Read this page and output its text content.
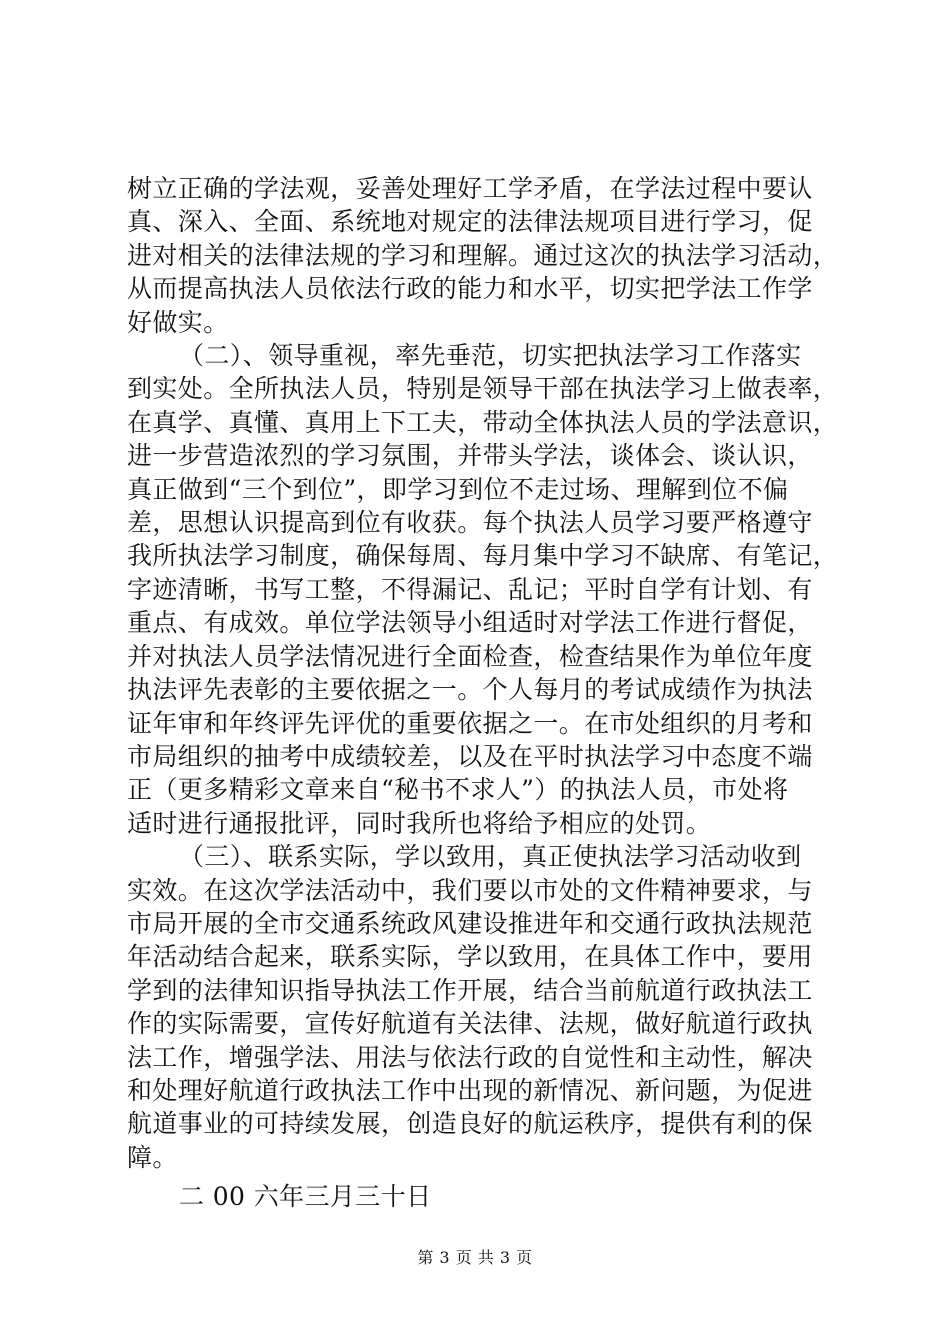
树立正确的学法观，妥善处理好工学矛盾，在学法过程中要认
真、深入、全面、系统地对规定的法律法规项目进行学习，促
进对相关的法律法规的学习和理解。通过这次的执法学习活动，
从而提高执法人员依法行政的能力和水平，切实把学法工作学
好做实。
（二）、领导重视，率先垂范，切实把执法学习工作落实
到实处。全所执法人员，特别是领导干部在执法学习上做表率，
在真学、真懂、真用上下工夫，带动全体执法人员的学法意识，
进一步营造浓烈的学习氛围，并带头学法，谈体会、谈认识，
真正做到“三个到位”，即学习到位不走过场、理解到位不偏
差，思想认识提高到位有收获。每个执法人员学习要严格遵守
我所执法学习制度，确保每周、每月集中学习不缺席、有笔记，
字迹清晰，书写工整，不得漏记、乱记；平时自学有计划、有
重点、有成效。单位学法领导小组适时对学法工作进行督促，
并对执法人员学法情况进行全面检查，检查结果作为单位年度
执法评先表彰的主要依据之一。个人每月的考试成绩作为执法
证年审和年终评先评优的重要依据之一。在市处组织的月考和
市局组织的抽考中成绩较差，以及在平时执法学习中态度不端
正（更多精彩文章来自“秘书不求人”）的执法人员，市处将
适时进行通报批评，同时我所也将给予相应的处罚。
（三）、联系实际，学以致用，真正使执法学习活动收到
实效。在这次学法活动中，我们要以市处的文件精神要求，与
市局开展的全市交通系统政风建设推进年和交通行政执法规范
年活动结合起来，联系实际，学以致用，在具体工作中，要用
学到的法律知识指导执法工作开展，结合当前航道行政执法工
作的实际需要，宣传好航道有关法律、法规，做好航道行政执
法工作，增强学法、用法与依法行政的自觉性和主动性，解决
和处理好航道行政执法工作中出现的新情况、新问题，为促进
航道事业的可持续发展，创造良好的航运秩序，提供有利的保
障。
二 00 六年三月三十日
第 3 页 共 3 页
